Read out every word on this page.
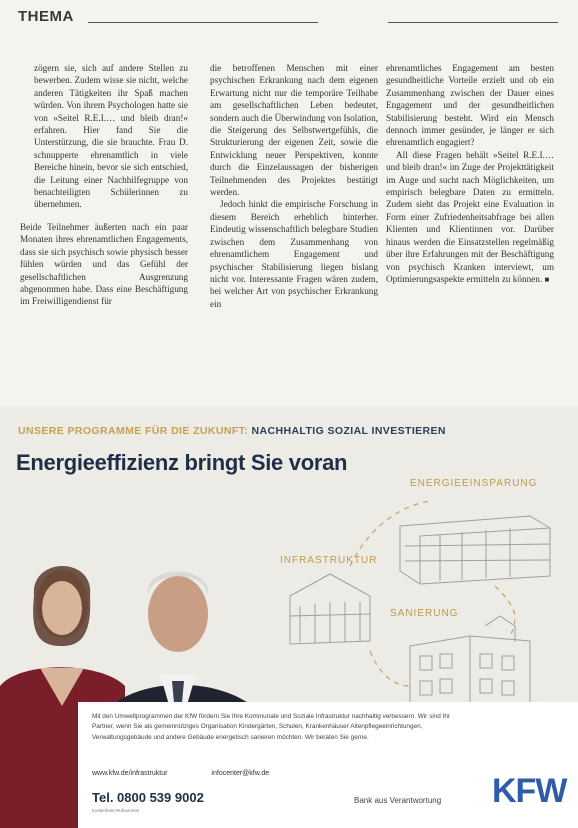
THEMA

zögern sie, sich auf andere Stellen zu bewerben. Zudem wisse sie nicht, welche anderen Tätigkeiten ihr Spaß machen würden. Von ihrem Psychologen hatte sie von »Seitel R.E.I.… und bleib dran!« erfahren. Hier fand Sie die Unterstützung, die sie brauchte. Frau D. schnupperte ehrenamtlich in viele Bereiche hinein, bevor sie sich entschied, die Leitung einer Nachhilfegruppe von benachteiligten Schülerinnen zu übernehmen.

Beide Teilnehmer äußerten nach ein paar Monaten ihres ehrenamtlichen Engagements, dass sie sich psychisch sowie physisch besser fühlen würden und das Gefühl der gesellschaftlichen Ausgrenzung abgenommen habe. Dass eine Beschäftigung im Freiwilligendienst für

die betroffenen Menschen mit einer psychischen Erkrankung nach dem eigenen Erwartung nicht nur die temporäre Teilhabe am gesellschaftlichen Leben bedeutet, sondern auch die Überwindung von Isolation, die Steigerung des Selbstwertgefühls, die Strukturierung der eigenen Zeit, sowie die Entwicklung neuer Perspektiven, konnte durch die Einzelaussagen der bisherigen Teilnehmenden des Projektes bestätigt werden.

Jedoch hinkt die empirische Forschung in diesem Bereich erheblich hinterher. Eindeutig wissenschaftlich belegbare Studien zwischen dem Zusammenhang von ehrenamtlichem Engagement und psychischer Stabilisierung liegen bislang nicht vor. Interessante Fragen wären zudem, bei welcher Art von psychischer Erkrankung ein

ehrenamtliches Engagement am besten gesundheitliche Vorteile erzielt und ob ein Zusammenhang zwischen der Dauer eines Engagement und der gesundheitlichen Stabilisierung besteht. Wird ein Mensch dennoch immer gesünder, je länger er sich ehrenamtlich engagiert?

All diese Fragen behält »Seitel R.E.I.… und bleib dran!« im Zuge der Projekttätigkeit im Auge und sucht nach Möglichkeiten, um empirisch belegbare Daten zu ermitteln. Zudem sieht das Projekt eine Evaluation in Form einer Zufriedenheitsabfrage bei allen Klienten und Klientinnen vor. Darüber hinaus werden die Einsatzstellen regelmäßig über ihre Erfahrungen mit der Beschäftigung von psychisch Kranken interviewt, um Optimierungsaspekte ermitteln zu können. ■

UNSERE PROGRAMME FÜR DIE ZUKUNFT: NACHHALTIG SOZIAL INVESTIEREN
Energieeffizienz bringt Sie voran
ENERGIEEINSPARUNG
INFRASTRUKTUR
SANIERUNG
Mit den Umweltprogrammen der KfW fördern Sie Ihre Kommunale und Soziale Infrastruktur nachhaltig verbessern. Wir sind Ihr Partner, wenn Sie als gemeinnütziges Organisation Kindergärten, Schulen, Krankenhäuser Altenpflegeeinrichtungen, Verwaltungsgebäude und andere Gebäude energetisch sanieren möchten. Wir beraten Sie gerne.
www.kfw.de/infrastruktur	infocenter@kfw.de
Tel. 0800 539 9002
Kostenfreie Rufnummer
Bank aus Verantwortung KFW
